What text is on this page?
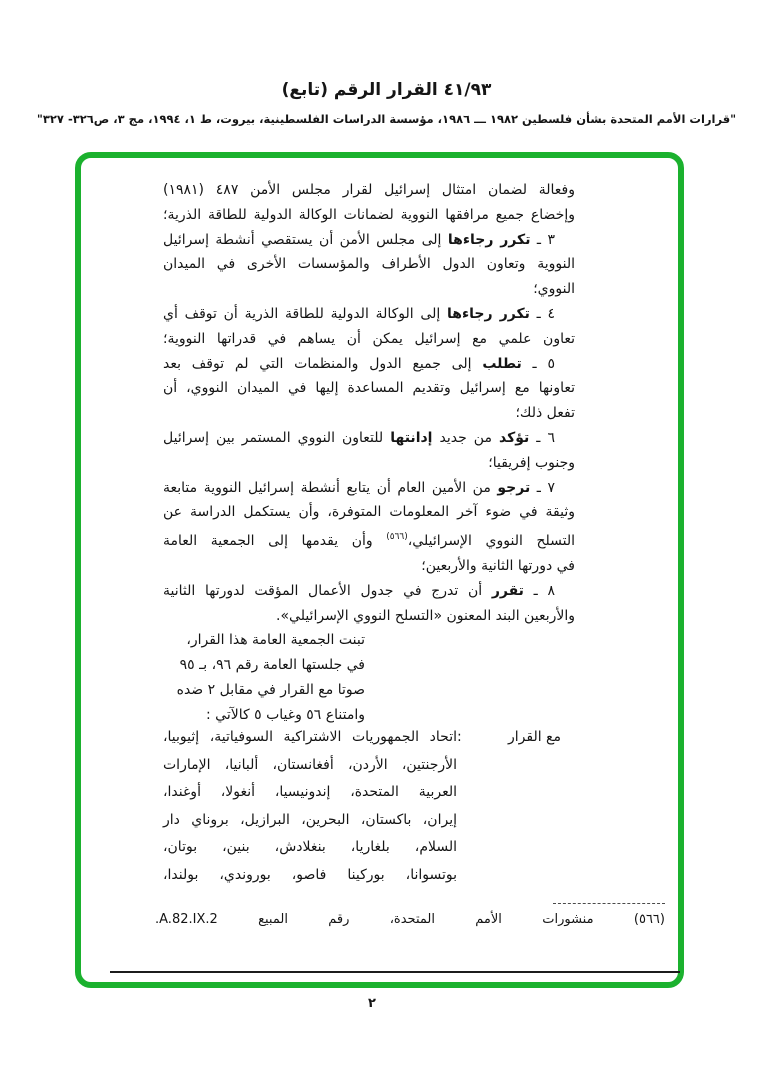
(تابع) القرار الرقم ٤١/٩٣
"قرارات الأمم المتحدة بشأن فلسطين ١٩٨٢ ـــ ١٩٨٦، مؤسسة الدراسات الفلسطينية، بيروت، ط ١، ١٩٩٤، مج ٣، ص٣٢٦- ٣٢٧"
وفعالة لضمان امتثال إسرائيل لقرار مجلس الأمن ٤٨٧ (١٩٨١)
وإخضاع جميع مرافقها النووية لضمانات الوكالة الدولية للطاقة الذرية؛
٣ ـ تكرر رجاءها إلى مجلس الأمن أن يستقصي أنشطة إسرائيل
النووية وتعاون الدول الأطراف والمؤسسات الأخرى في الميدان
النووي؛
٤ ـ تكرر رجاءها إلى الوكالة الدولية للطاقة الذرية أن توقف أي
تعاون علمي مع إسرائيل يمكن أن يساهم في قدراتها النووية؛
٥ ـ تطلب إلى جميع الدول والمنظمات التي لم توقف بعد
تعاونها مع إسرائيل وتقديم المساعدة إليها في الميدان النووي، أن
تفعل ذلك؛
٦ ـ تؤكد من جديد إدانتها للتعاون النووي المستمر بين إسرائيل
وجنوب إفريقيا؛
٧ ـ ترجو من الأمين العام أن يتابع أنشطة إسرائيل النووية متابعة
وثيقة في ضوء آخر المعلومات المتوفرة، وأن يستكمل الدراسة عن
التسلح النووي الإسرائيلي،$^{(٥٦٦)}$ وأن يقدمها إلى الجمعية العامة
في دورتها الثانية والأربعين؛
٨ ـ تقرر أن تدرج في جدول الأعمال المؤقت لدورتها الثانية
والأربعين البند المعنون «التسلح النووي الإسرائيلي».
تبنت الجمعية العامة هذا القرار،
في جلستها العامة رقم ٩٦، بـ ٩٥
صوتا مع القرار في مقابل ٢ ضده
وامتناع ٥٦ وغياب ٥ كالآتي :
مع القرار
:
اتحاد الجمهوريات الاشتراكية السوفياتية، إثيوبيا،
الأرجنتين، الأردن، أفغانستان، ألبانيا، الإمارات
العربية المتحدة، إندونيسيا، أنغولا، أوغندا،
إيران، باكستان، البحرين، البرازيل، بروناي دار
السلام، بلغاريا، بنغلادش، بنين، بوتان،
بوتسوانا، بوركينا فاصو، بوروندي، بولندا،
(٥٦٦) منشورات الأمم المتحدة، رقم المبيع A.82.IX.2.
٢
